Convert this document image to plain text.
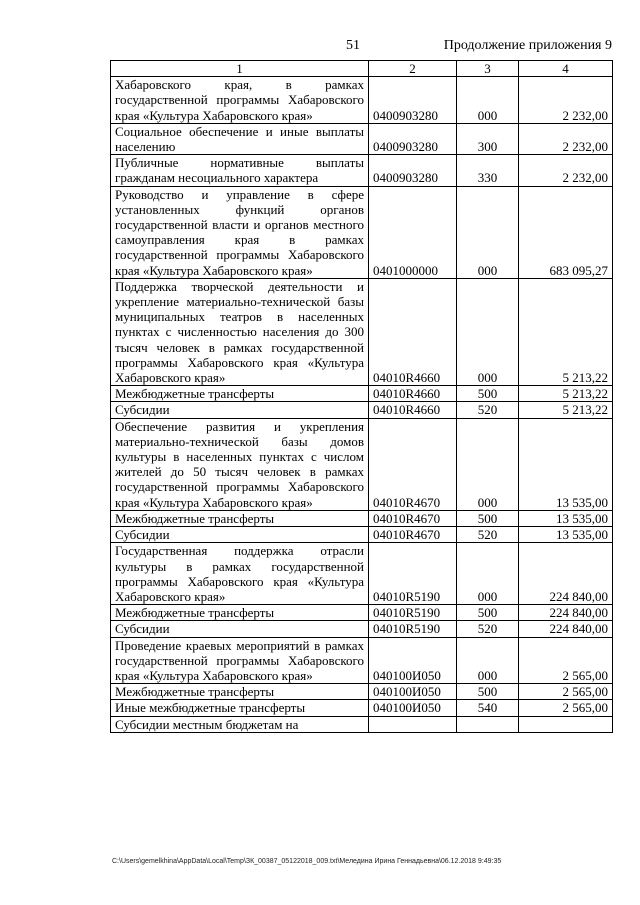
51	Продолжение приложения 9
1	2	3	4
Хабаровского края, в рамках государственной программы Хабаровского края «Культура Хабаровского края»	0400903280	000	2 232,00
Социальное обеспечение и иные выплаты населению	0400903280	300	2 232,00
Публичные нормативные выплаты гражданам несоциального характера	0400903280	330	2 232,00
Руководство и управление в сфере установленных функций органов государственной власти и органов местного самоуправления края в рамках государственной программы Хабаровского края «Культура Хабаровского края»	0401000000	000	683 095,27
Поддержка творческой деятельности и укрепление материально-технической базы муниципальных театров в населенных пунктах с численностью населения до 300 тысяч человек в рамках государственной программы Хабаровского края «Культура Хабаровского края»	04010R4660	000	5 213,22
Межбюджетные трансферты	04010R4660	500	5 213,22
Субсидии	04010R4660	520	5 213,22
Обеспечение развития и укрепления материально-технической базы домов культуры в населенных пунктах с числом жителей до 50 тысяч человек в рамках государственной программы Хабаровского края «Культура Хабаровского края»	04010R4670	000	13 535,00
Межбюджетные трансферты	04010R4670	500	13 535,00
Субсидии	04010R4670	520	13 535,00
Государственная поддержка отрасли культуры в рамках государственной программы Хабаровского края «Культура Хабаровского края»	04010R5190	000	224 840,00
Межбюджетные трансферты	04010R5190	500	224 840,00
Субсидии	04010R5190	520	224 840,00
Проведение краевых мероприятий в рамках государственной программы Хабаровского края «Культура Хабаровского края»	040100И050	000	2 565,00
Межбюджетные трансферты	040100И050	500	2 565,00
Иные межбюджетные трансферты	040100И050	540	2 565,00
Субсидии местным бюджетам на			
C:\Users\gemelkhina\AppData\Local\Temp\ЗК_00387_05122018_009.txt\Меледина Ирина Геннадьевна\06.12.2018 9:49:35
